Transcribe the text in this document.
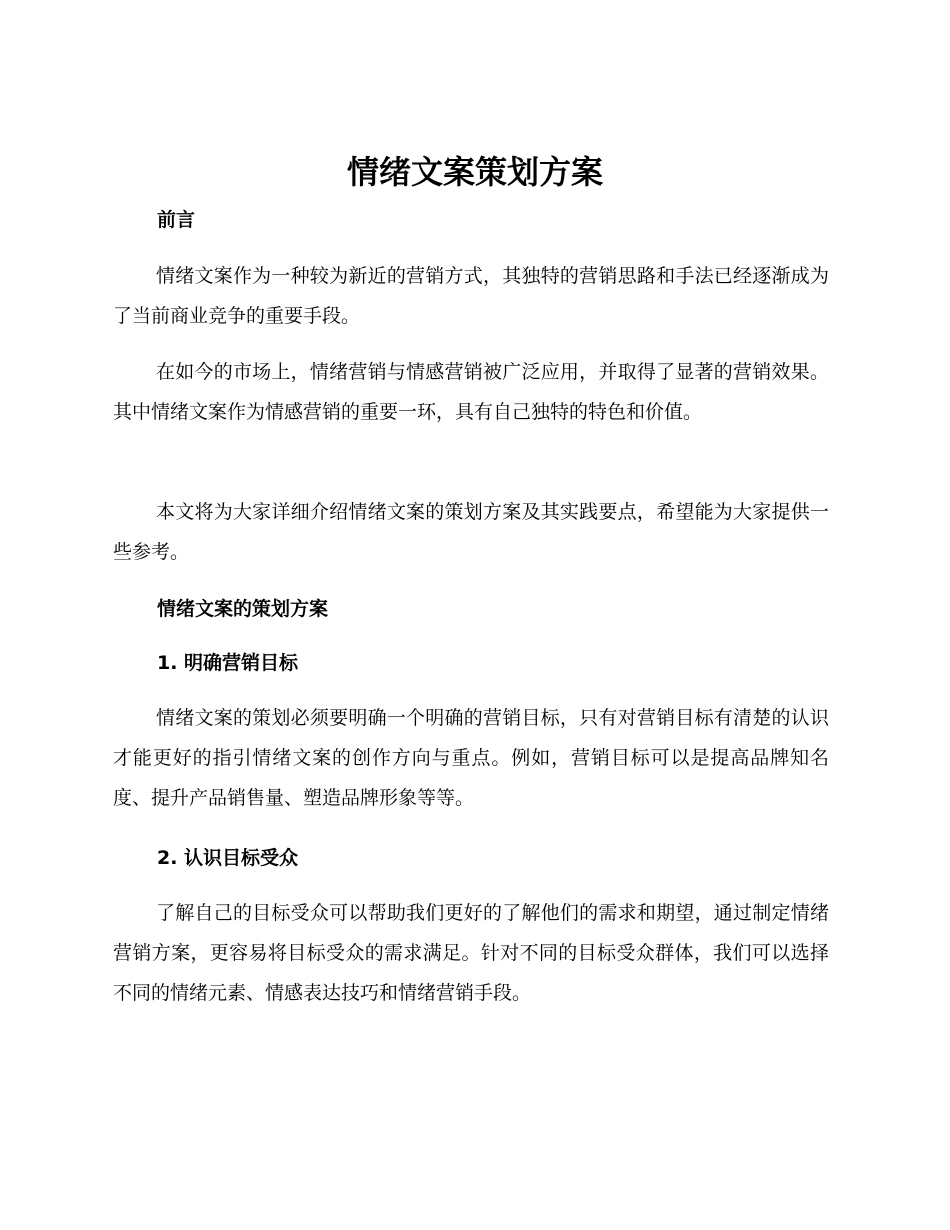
情绪文案策划方案
前言

情绪文案作为一种较为新近的营销方式，其独特的营销思路和手法已经逐渐成为了当前商业竞争的重要手段。

在如今的市场上，情绪营销与情感营销被广泛应用，并取得了显著的营销效果。其中情绪文案作为情感营销的重要一环，具有自己独特的特色和价值。

本文将为大家详细介绍情绪文案的策划方案及其实践要点，希望能为大家提供一些参考。

情绪文案的策划方案
1. 明确营销目标

情绪文案的策划必须要明确一个明确的营销目标，只有对营销目标有清楚的认识才能更好的指引情绪文案的创作方向与重点。例如，营销目标可以是提高品牌知名度、提升产品销售量、塑造品牌形象等等。

2. 认识目标受众

了解自己的目标受众可以帮助我们更好的了解他们的需求和期望，通过制定情绪营销方案，更容易将目标受众的需求满足。针对不同的目标受众群体，我们可以选择不同的情绪元素、情感表达技巧和情绪营销手段。
